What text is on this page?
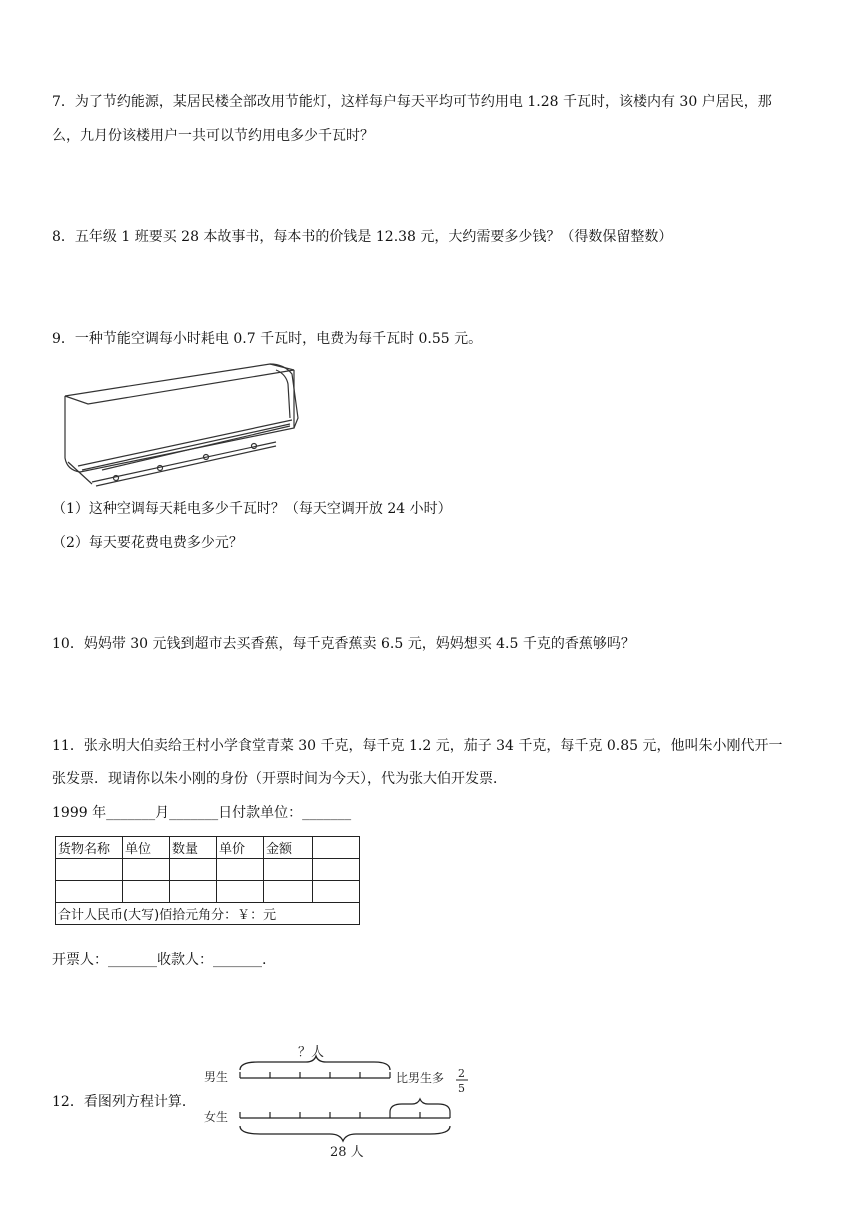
7．为了节约能源，某居民楼全部改用节能灯，这样每户每天平均可节约用电 1.28 千瓦时，该楼内有 30 户居民，那
么，九月份该楼用户一共可以节约用电多少千瓦时？
8．五年级 1 班要买 28 本故事书，每本书的价钱是 12.38 元，大约需要多少钱？（得数保留整数）
9．一种节能空调每小时耗电 0.7 千瓦时，电费为每千瓦时 0.55 元。
（1）这种空调每天耗电多少千瓦时？（每天空调开放 24 小时）
（2）每天要花费电费多少元？
10．妈妈带 30 元钱到超市去买香蕉，每千克香蕉卖 6.5 元，妈妈想买 4.5 千克的香蕉够吗？
11．张永明大伯卖给王村小学食堂青菜 30 千克，每千克 1.2 元，茄子 34 千克，每千克 0.85 元，他叫朱小刚代开一
张发票．现请你以朱小刚的身份（开票时间为今天），代为张大伯开发票．
1999 年_______月_______日付款单位：_______
货物名称	单位	数量	单价	金额	

合计人民币(大写)佰拾元角分：￥：元					
开票人：_______收款人：_______.
12．看图列方程计算．
？人
男生	比男生多 2
5
女生
28 人
